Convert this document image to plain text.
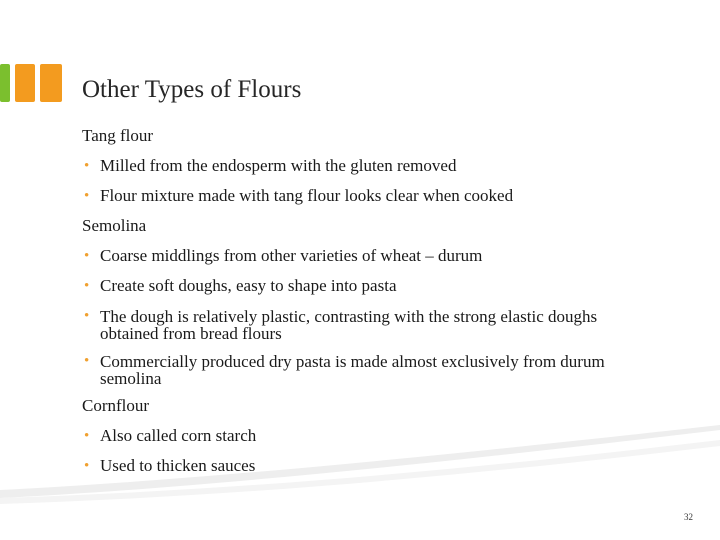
Other Types of Flours
Tang flour
• Milled from the endosperm with the gluten removed
• Flour mixture made with tang flour looks clear when cooked
Semolina
• Coarse middlings from other varieties of wheat – durum
• Create soft doughs, easy to shape into pasta
• The dough is relatively plastic, contrasting with the strong elastic doughs obtained from bread flours
• Commercially produced dry pasta is made almost exclusively from durum semolina
Cornflour
• Also called corn starch
• Used to thicken sauces
32
